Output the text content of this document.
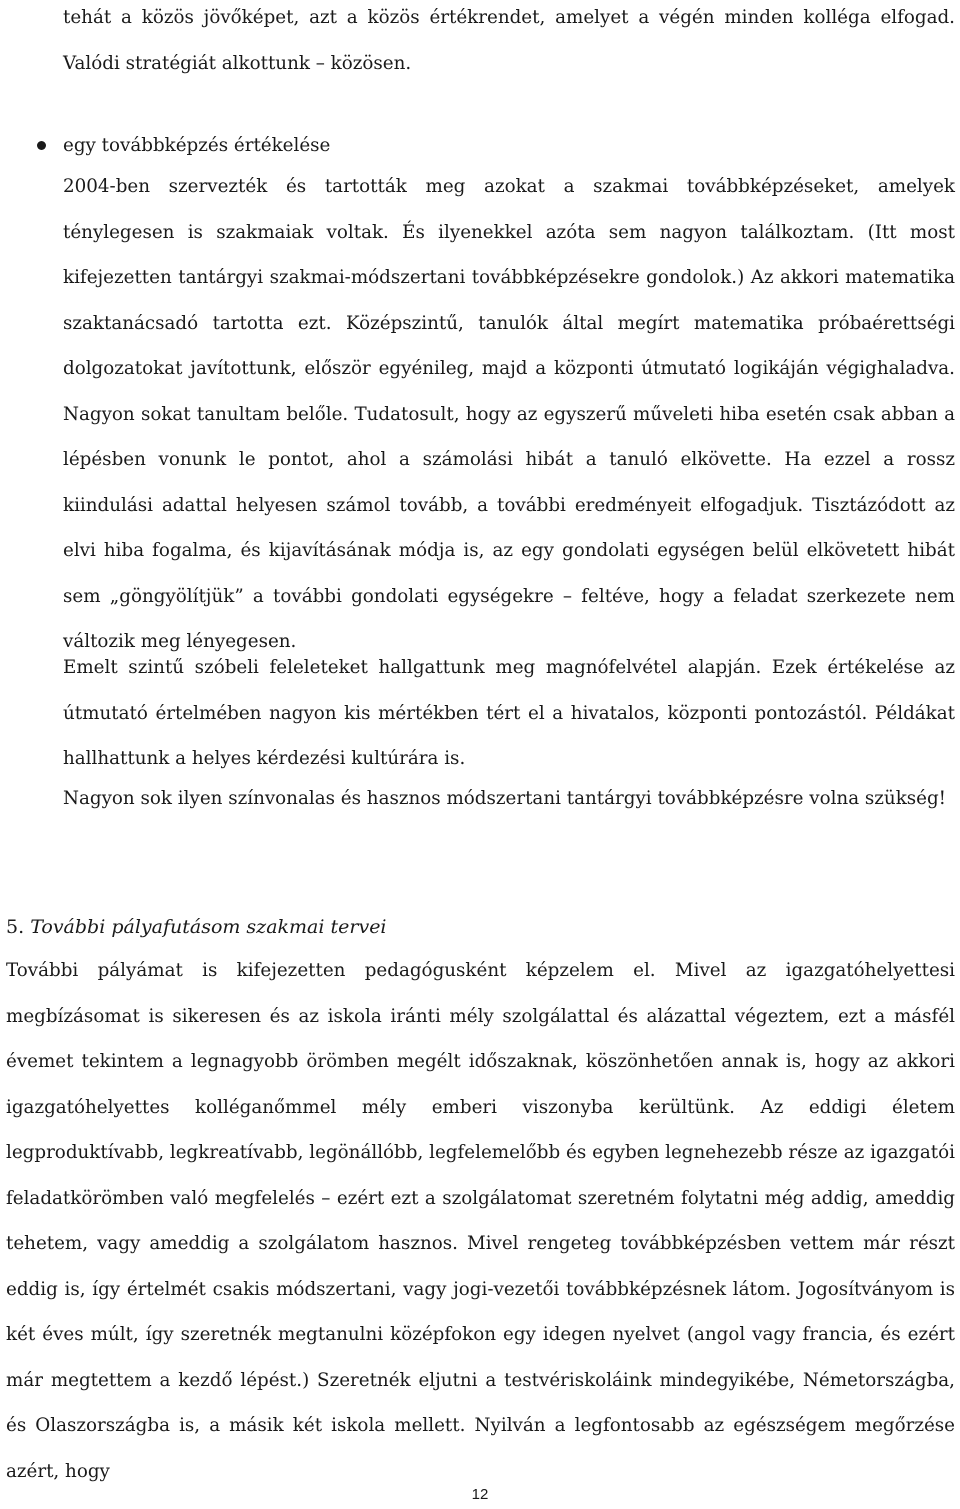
tehát a közös jövőképet, azt a közös értékrendet, amelyet a végén minden kolléga elfogad. Valódi stratégiát alkottunk – közösen.

egy továbbképzés értékelése

2004-ben szervezték és tartották meg azokat a szakmai továbbképzéseket, amelyek ténylegesen is szakmaiak voltak. És ilyenekkel azóta sem nagyon találkoztam. (Itt most kifejezetten tantárgyi szakmai-módszertani továbbképzésekre gondolok.) Az akkori matematika szaktanácsadó tartotta ezt. Középszintű, tanulók által megírt matematika próbaérettségi dolgozatokat javítottunk, először egyénileg, majd a központi útmutató logikáján végighaladva. Nagyon sokat tanultam belőle. Tudatosult, hogy az egyszerű műveleti hiba esetén csak abban a lépésben vonunk le pontot, ahol a számolási hibát a tanuló elkövette. Ha ezzel a rossz kiindulási adattal helyesen számol tovább, a további eredményeit elfogadjuk. Tisztázódott az elvi hiba fogalma, és kijavításának módja is, az egy gondolati egységen belül elkövetett hibát sem „göngyölítjük” a további gondolati egységekre – feltéve, hogy a feladat szerkezete nem változik meg lényegesen.

Emelt szintű szóbeli feleleteket hallgattunk meg magnófelvétel alapján. Ezek értékelése az útmutató értelmében nagyon kis mértékben tért el a hivatalos, központi pontozástól. Példákat hallhattunk a helyes kérdezési kultúrára is.

Nagyon sok ilyen színvonalas és hasznos módszertani tantárgyi továbbképzésre volna szükség!

5. További pályafutásom szakmai tervei

További pályámat is kifejezetten pedagógusként képzelem el. Mivel az igazgatóhelyettesi megbízásomat is sikeresen és az iskola iránti mély szolgálattal és alázattal végeztem, ezt a másfél évemet tekintem a legnagyobb örömben megélt időszaknak, köszönhetően annak is, hogy az akkori igazgatóhelyettes kolléganőmmel mély emberi viszonyba kerültünk. Az eddigi életem legproduktívabb, legkreatívabb, legönállóbb, legfelemelőbb és egyben legnehezebb része az igazgatói feladatkörömben való megfelelés – ezért ezt a szolgálatomat szeretném folytatni még addig, ameddig tehetem, vagy ameddig a szolgálatom hasznos. Mivel rengeteg továbbképzésben vettem már részt eddig is, így értelmét csakis módszertani, vagy jogi-vezetői továbbképzésnek látom. Jogosítványom is két éves múlt, így szeretnék megtanulni középfokon egy idegen nyelvet (angol vagy francia, és ezért már megtettem a kezdő lépést.) Szeretnék eljutni a testvériskoláink mindegyikébe, Németországba, és Olaszországba is, a másik két iskola mellett. Nyilván a legfontosabb az egészségem megőrzése azért, hogy

12
